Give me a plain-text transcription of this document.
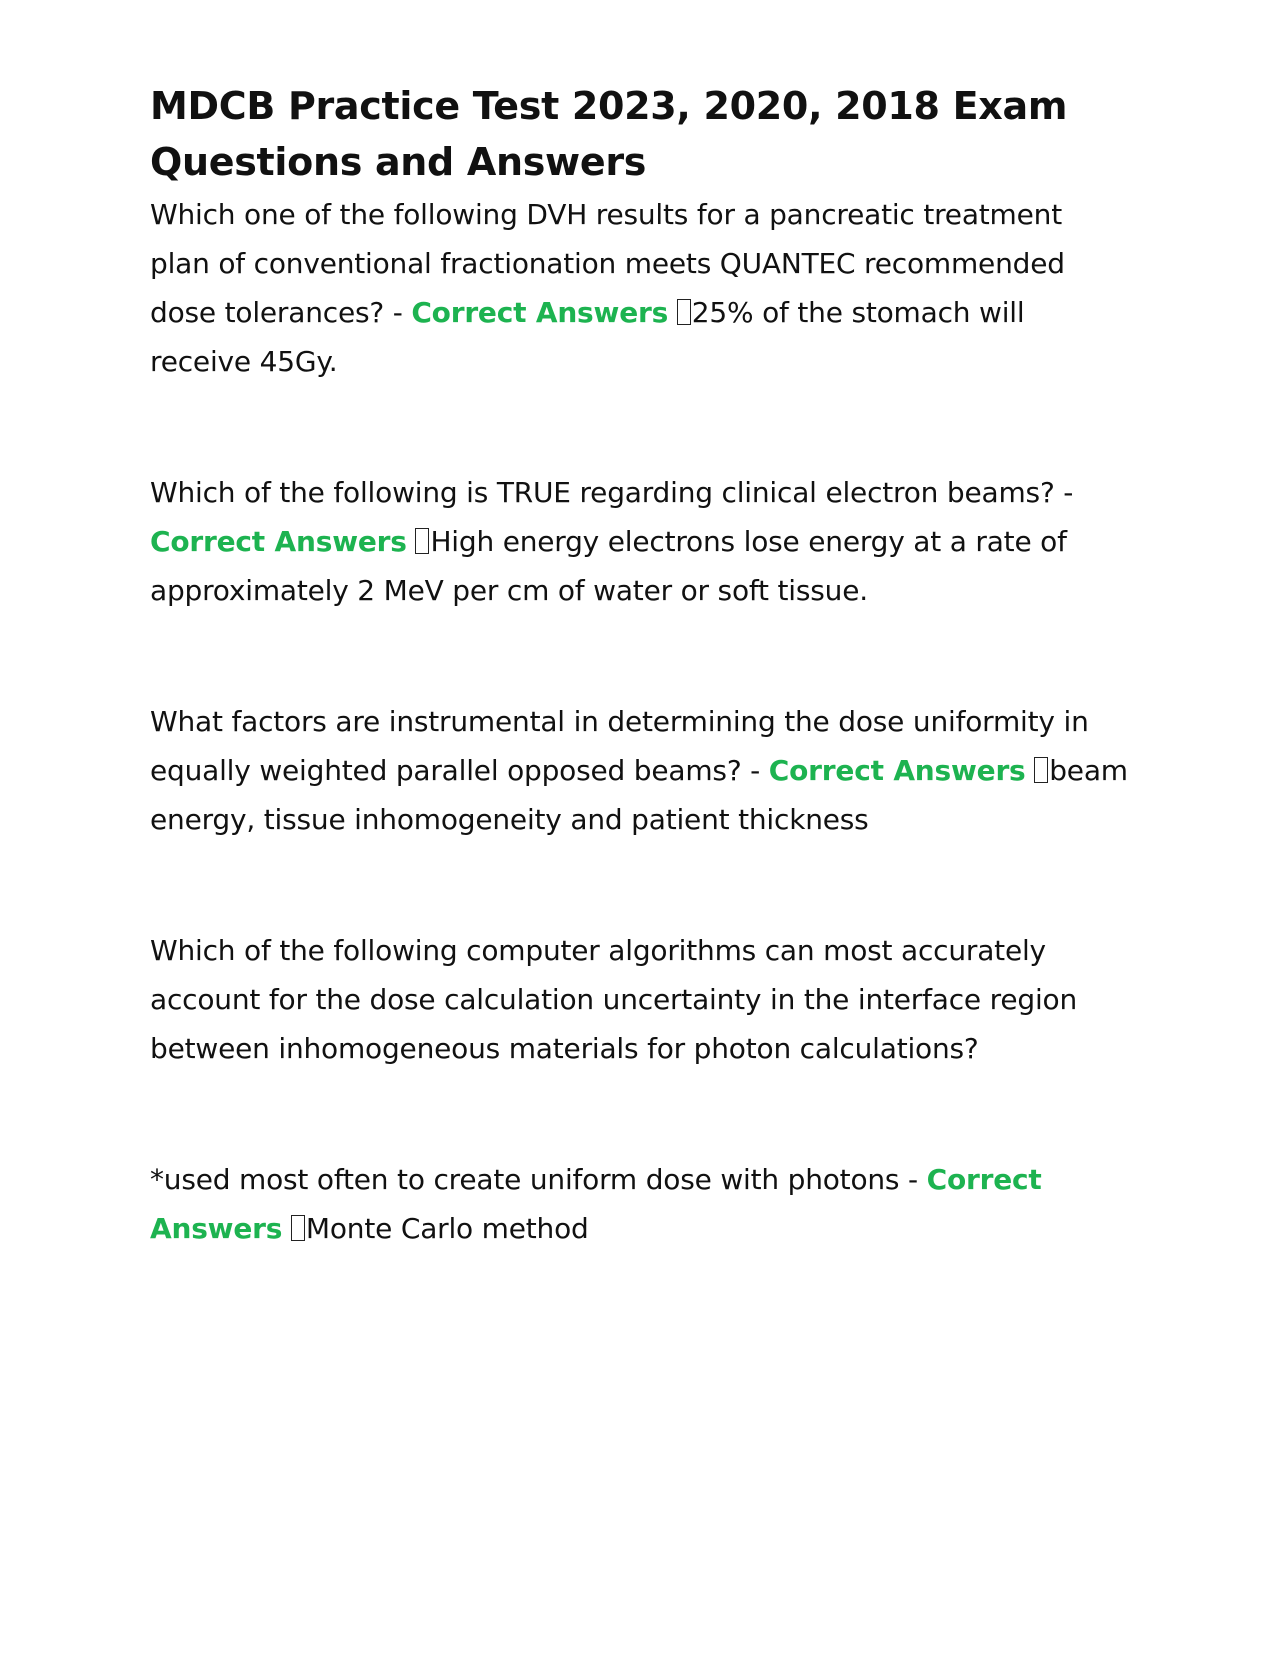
MDCB Practice Test 2023, 2020, 2018 Exam Questions and Answers

Which one of the following DVH results for a pancreatic treatment plan of conventional fractionation meets QUANTEC recommended dose tolerances? - Correct Answers 25% of the stomach will receive 45Gy.

Which of the following is TRUE regarding clinical electron beams? - Correct Answers High energy electrons lose energy at a rate of approximately 2 MeV per cm of water or soft tissue.

What factors are instrumental in determining the dose uniformity in equally weighted parallel opposed beams? - Correct Answers beam energy, tissue inhomogeneity and patient thickness

Which of the following computer algorithms can most accurately account for the dose calculation uncertainty in the interface region between inhomogeneous materials for photon calculations?

*used most often to create uniform dose with photons - Correct Answers Monte Carlo method
